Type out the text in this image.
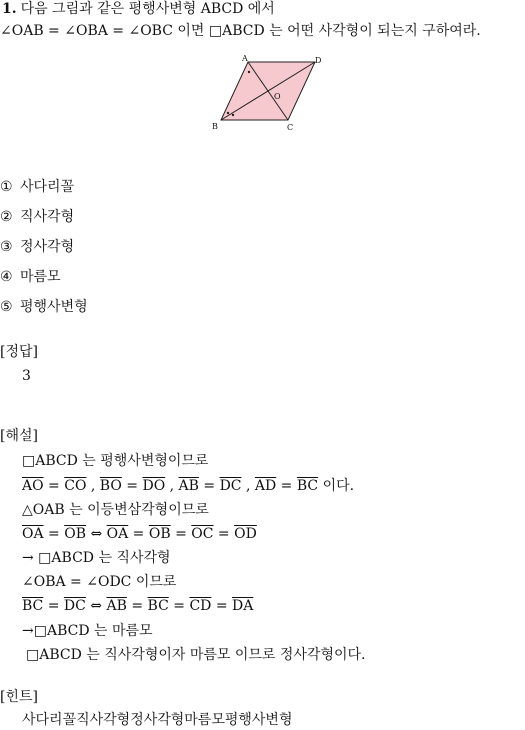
1. 다음 그림과 같은 평행사변형 ABCD 에서
∠OAB = ∠OBA = ∠OBC 이면 □ABCD 는 어떤 사각형이 되는지 구하여라.
A	D
B	C
O
① 사다리꼴
② 직사각형
③ 정사각형
④ 마름모
⑤ 평행사변형
[정답]
3
[해설]
□ABCD 는 평행사변형이므로
$\overline{AO} = \overline{CO}$ , $\overline{BO} = \overline{DO}$ , $\overline{AB} = \overline{DC}$ , $\overline{AD} = \overline{BC}$ 이다.
△OAB 는 이등변삼각형이므로
$\overline{OA} = \overline{OB}$ ⇔ $\overline{OA} = \overline{OB} = \overline{OC} = \overline{OD}$
→ □ABCD 는 직사각형
∠OBA = ∠ODC 이므로
$\overline{BC} = \overline{DC}$ ⇔ $\overline{AB} = \overline{BC} = \overline{CD} = \overline{DA}$
→□ABCD 는 마름모
□ABCD 는 직사각형이자 마름모 이므로 정사각형이다.
[힌트]
사다리꼴직사각형정사각형마름모평행사변형
